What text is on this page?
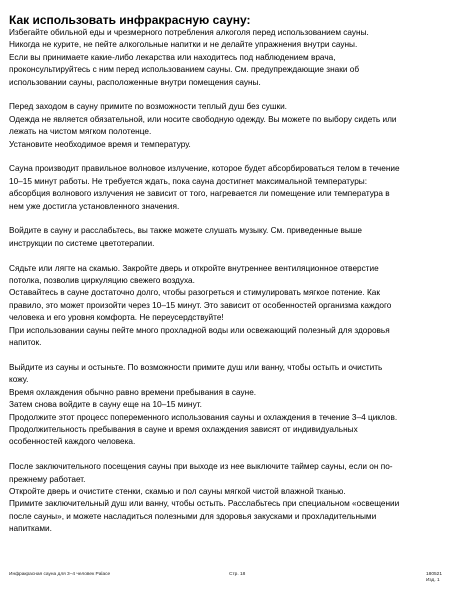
Как использовать инфракрасную сауну:

Избегайте обильной еды и чрезмерного потребления алкоголя перед использованием сауны.
Никогда не курите, не пейте алкогольные напитки и не делайте упражнения внутри сауны.
Если вы принимаете какие-либо лекарства или находитесь под наблюдением врача,
проконсультируйтесь с ним перед использованием сауны. См. предупреждающие знаки об
использовании сауны, расположенные внутри помещения сауны.

Перед заходом в сауну примите по возможности теплый душ без сушки.
Одежда не является обязательной, или носите свободную одежду. Вы можете по выбору сидеть или
лежать на чистом мягком полотенце.
Установите необходимое время и температуру.

Сауна производит правильное волновое излучение, которое будет абсорбироваться телом в течение
10–15 минут работы. Не требуется ждать, пока сауна достигнет максимальной температуры:
абсорбция волнового излучения не зависит от того, нагревается ли помещение или температура в
нем уже достигла установленного значения.

Войдите в сауну и расслабьтесь, вы также можете слушать музыку. См. приведенные выше
инструкции по системе цветотерапии.

Сядьте или лягте на скамью. Закройте дверь и откройте внутреннее вентиляционное отверстие
потолка, позволив циркуляцию свежего воздуха.
Оставайтесь в сауне достаточно долго, чтобы разогреться и стимулировать мягкое потение. Как
правило, это может произойти через 10–15 минут. Это зависит от особенностей организма каждого
человека и его уровня комфорта. Не переусердствуйте!
При использовании сауны пейте много прохладной воды или освежающий полезный для здоровья
напиток.

Выйдите из сауны и остыньте. По возможности примите душ или ванну, чтобы остыть и очистить
кожу.
Время охлаждения обычно равно времени пребывания в сауне.
Затем снова войдите в сауну еще на 10–15 минут.
Продолжите этот процесс попеременного использования сауны и охлаждения в течение 3–4 циклов.
Продолжительность пребывания в сауне и время охлаждения зависят от индивидуальных
особенностей каждого человека.

После заключительного посещения сауны при выходе из нее выключите таймер сауны, если он по-
прежнему работает.
Откройте дверь и очистите стенки, скамью и пол сауны мягкой чистой влажной тканью.
Примите заключительный душ или ванну, чтобы остыть. Расслабьтесь при специальном «освещении
после сауны», и можете насладиться полезными для здоровья закусками и прохладительными
напитками.

Инфракрасная сауна для 3–4 человек Palace	Стр. 18	180521
Изд. 1
